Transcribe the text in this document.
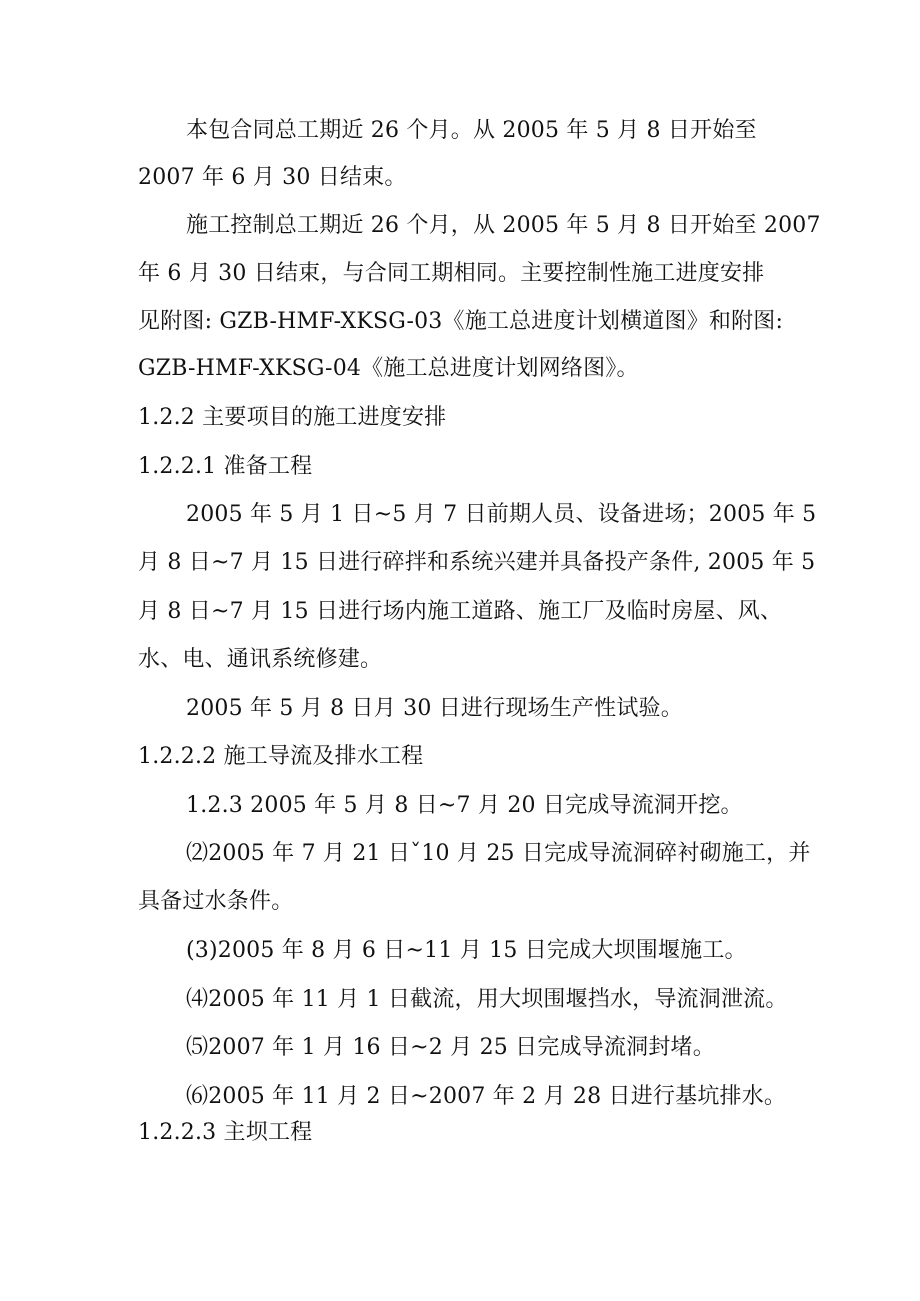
本包合同总工期近 26 个月。从 2005 年 5 月 8 日开始至
2007 年 6 月 30 日结束。
施工控制总工期近 26 个月，从 2005 年 5 月 8 日开始至 2007
年 6 月 30 日结束，与合同工期相同。主要控制性施工进度安排
见附图: GZB-HMF-XKSG-03《施工总进度计划横道图》和附图:
GZB-HMF-XKSG-04《施工总进度计划网络图》。
1.2.2 主要项目的施工进度安排
1.2.2.1 准备工程
2005 年 5 月 1 日~5 月 7 日前期人员、设备进场；2005 年 5
月 8 日~7 月 15 日进行碎拌和系统兴建并具备投产条件, 2005 年 5
月 8 日~7 月 15 日进行场内施工道路、施工厂及临时房屋、风、
水、电、通讯系统修建。
2005 年 5 月 8 日月 30 日进行现场生产性试验。
1.2.2.2 施工导流及排水工程
1.2.3 2005 年 5 月 8 日~7 月 20 日完成导流洞开挖。
⑵2005 年 7 月 21 日ˇ10 月 25 日完成导流洞碎衬砌施工，并
具备过水条件。
(3)2005 年 8 月 6 日~11 月 15 日完成大坝围堰施工。
⑷2005 年 11 月 1 日截流，用大坝围堰挡水，导流洞泄流。
⑸2007 年 1 月 16 日~2 月 25 日完成导流洞封堵。
⑹2005 年 11 月 2 日~2007 年 2 月 28 日进行基坑排水。
1.2.2.3 主坝工程
